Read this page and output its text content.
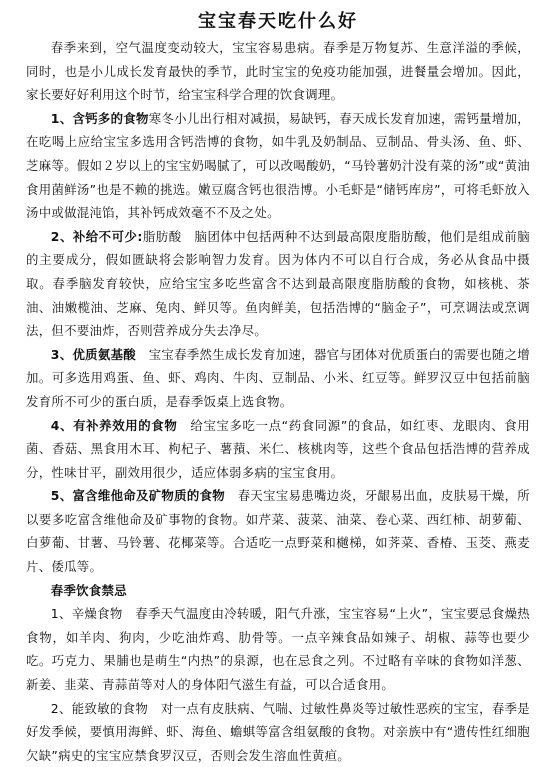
宝宝春天吃什么好

春季来到，空气温度变动较大，宝宝容易患病。春季是万物复苏、生意洋溢的季候，同时，也是小儿成长发育最快的季节，此时宝宝的免疫功能加强，进餐量会增加。因此，家长要好好利用这个时节，给宝宝科学合理的饮食调理。

1、含钙多的食物寒冬小儿出行相对减损，易缺钙，春天成长发育加速，需钙量增加，在吃喝上应给宝宝多选用含钙浩博的食物，如牛乳及奶制品、豆制品、骨头汤、鱼、虾、芝麻等。假如２岁以上的宝宝奶喝腻了，可以改喝酸奶，“马铃薯奶汁没有菜的汤”或“黄油食用菌鲜汤”也是不赖的挑选。嫩豆腐含钙也很浩博。小毛虾是“储钙库房”，可将毛虾放入汤中或做混沌馅，其补钙成效毫不不及之处。

2、补给不可少:脂肪酸　脑团体中包括两种不达到最高限度脂肪酸，他们是组成前脑的主要成分，假如匮缺将会影响智力发育。因为体内不可以自行合成，务必从食品中摄取。春季脑发育较快，应给宝宝多吃些富含不达到最高限度脂肪酸的食物，如核桃、茶油、油嫩榄油、芝麻、兔肉、鲜贝等。鱼肉鲜美，包括浩博的“脑金子”，可烹调法或烹调法，但不要油炸，否则营养成分失去净尽。

3、优质氨基酸　 宝宝春季然生成长发育加速，器官与团体对优质蛋白的需要也随之增加。可多选用鸡蛋、鱼、虾、鸡肉、牛肉、豆制品、小米、红豆等。鲜罗汉豆中包括前脑发育所不可少的蛋白质，是春季饭桌上选食物。

4、有补养效用的食物　 给宝宝多吃一点“药食同源”的食品，如红枣、龙眼肉、食用菌、香菇、黑食用木耳、枸杞子、薯蕷、米仁、核桃肉等，这些个食品包括浩博的营养成分，性味甘平，副效用很少，适应体弱多病的宝宝食用。

5、富含维他命及矿物质的食物　 春天宝宝易患嘴边炎，牙龈易出血，皮肤易干燥，所以要多吃富含维他命及矿事物的食物。如芹菜、菠菜、油菜、卷心菜、西红柿、胡萝葡、白萝葡、甘薯、马铃薯、花椰菜等。合适吃一点野菜和樾梯，如荠菜、香椿、玉茭、燕麦片、倭瓜等。

春季饮食禁忌

1、辛燥食物　春季天气温度由冷转暖，阳气升涨，宝宝容易“上火”，宝宝要忌食燥热食物，如羊肉、狗肉，少吃油炸鸡、肋骨等。一点辛辣食品如辣子、胡椒、蒜等也要少吃。巧克力、果脯也是萌生“内热”的泉源，也在忌食之列。不过略有辛味的食物如洋葱、新姜、韭菜、青蒜苗等对人的身体阳气滋生有益，可以合适食用。

2、能致敏的食物　对一点有皮肤病、气喘、过敏性鼻炎等过敏性恶疾的宝宝，春季是好发季候，要慎用海鲜、虾、海鱼、蟾蜞等富含组氨酸的食物。对亲族中有“遗传性红细胞欠缺”病史的宝宝应禁食罗汉豆，否则会发生溶血性黄疸。
